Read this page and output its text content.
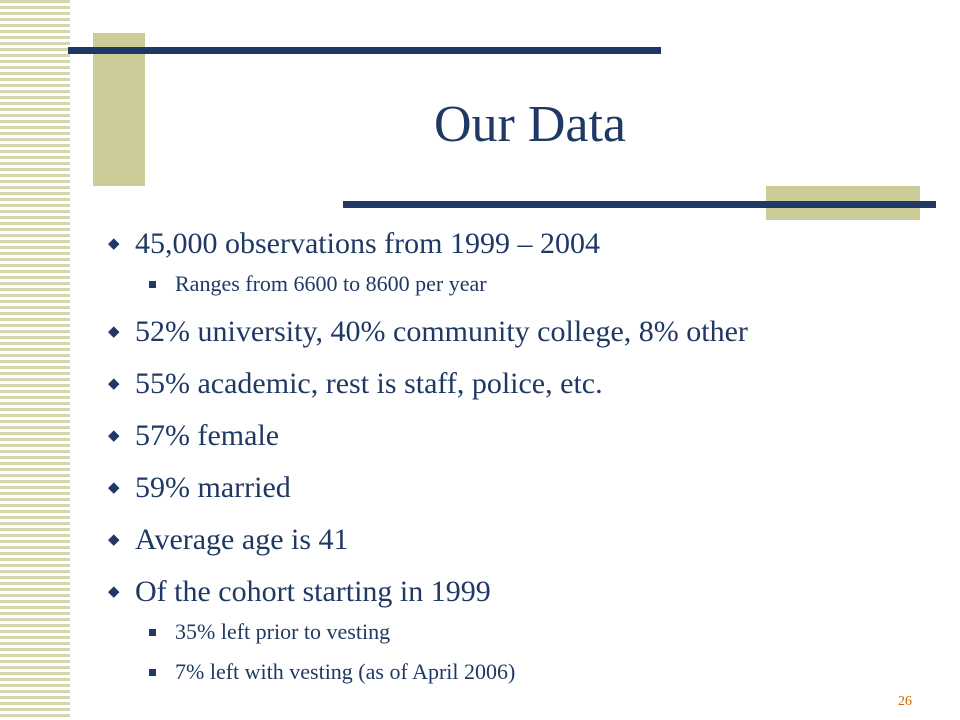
Our Data
◆ 45,000 observations from 1999 – 2004
Ranges from 6600 to 8600 per year
◆ 52% university, 40% community college, 8% other
◆ 55% academic, rest is staff, police, etc.
◆ 57% female
◆ 59% married
◆ Average age is 41
◆ Of the cohort starting in 1999
35% left prior to vesting
7% left with vesting (as of April 2006)
26
